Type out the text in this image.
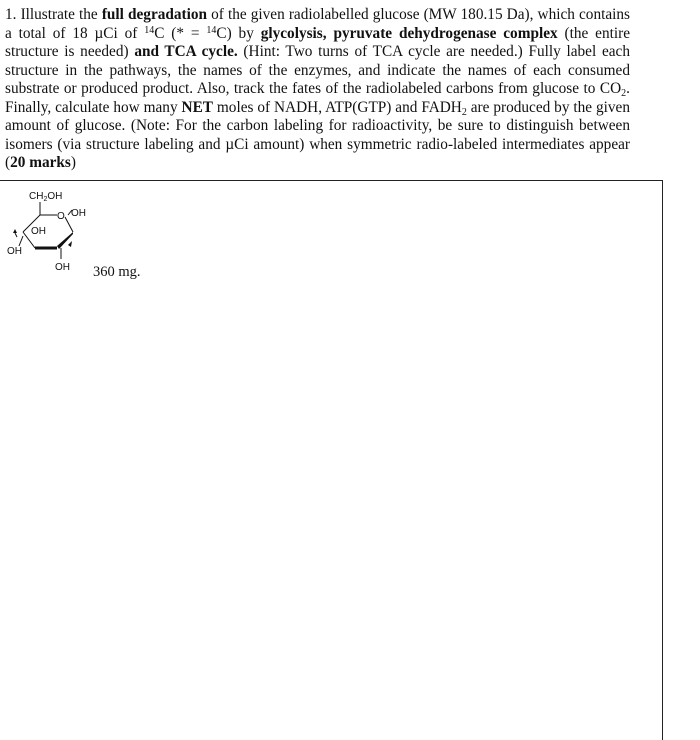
1. Illustrate the full degradation of the given radiolabelled glucose (MW 180.15 Da), which contains a total of 18 µCi of $^{14}$C (* = $^{14}$C) by glycolysis, pyruvate dehydrogenase complex (the entire structure is needed) and TCA cycle. (Hint: Two turns of TCA cycle are needed.) Fully label each structure in the pathways, the names of the enzymes, and indicate the names of each consumed substrate or produced product. Also, track the fates of the radiolabeled carbons from glucose to $CO_2$. Finally, calculate how many NET moles of NADH, ATP(GTP) and $FADH_2$ are produced by the given amount of glucose. (Note: For the carbon labeling for radioactivity, be sure to distinguish between isomers (via structure labeling and µCi amount) when symmetric radio-labeled intermediates appear (20 marks)

$CH_2OH$
O OH
OH
OH
OH 360 mg.
